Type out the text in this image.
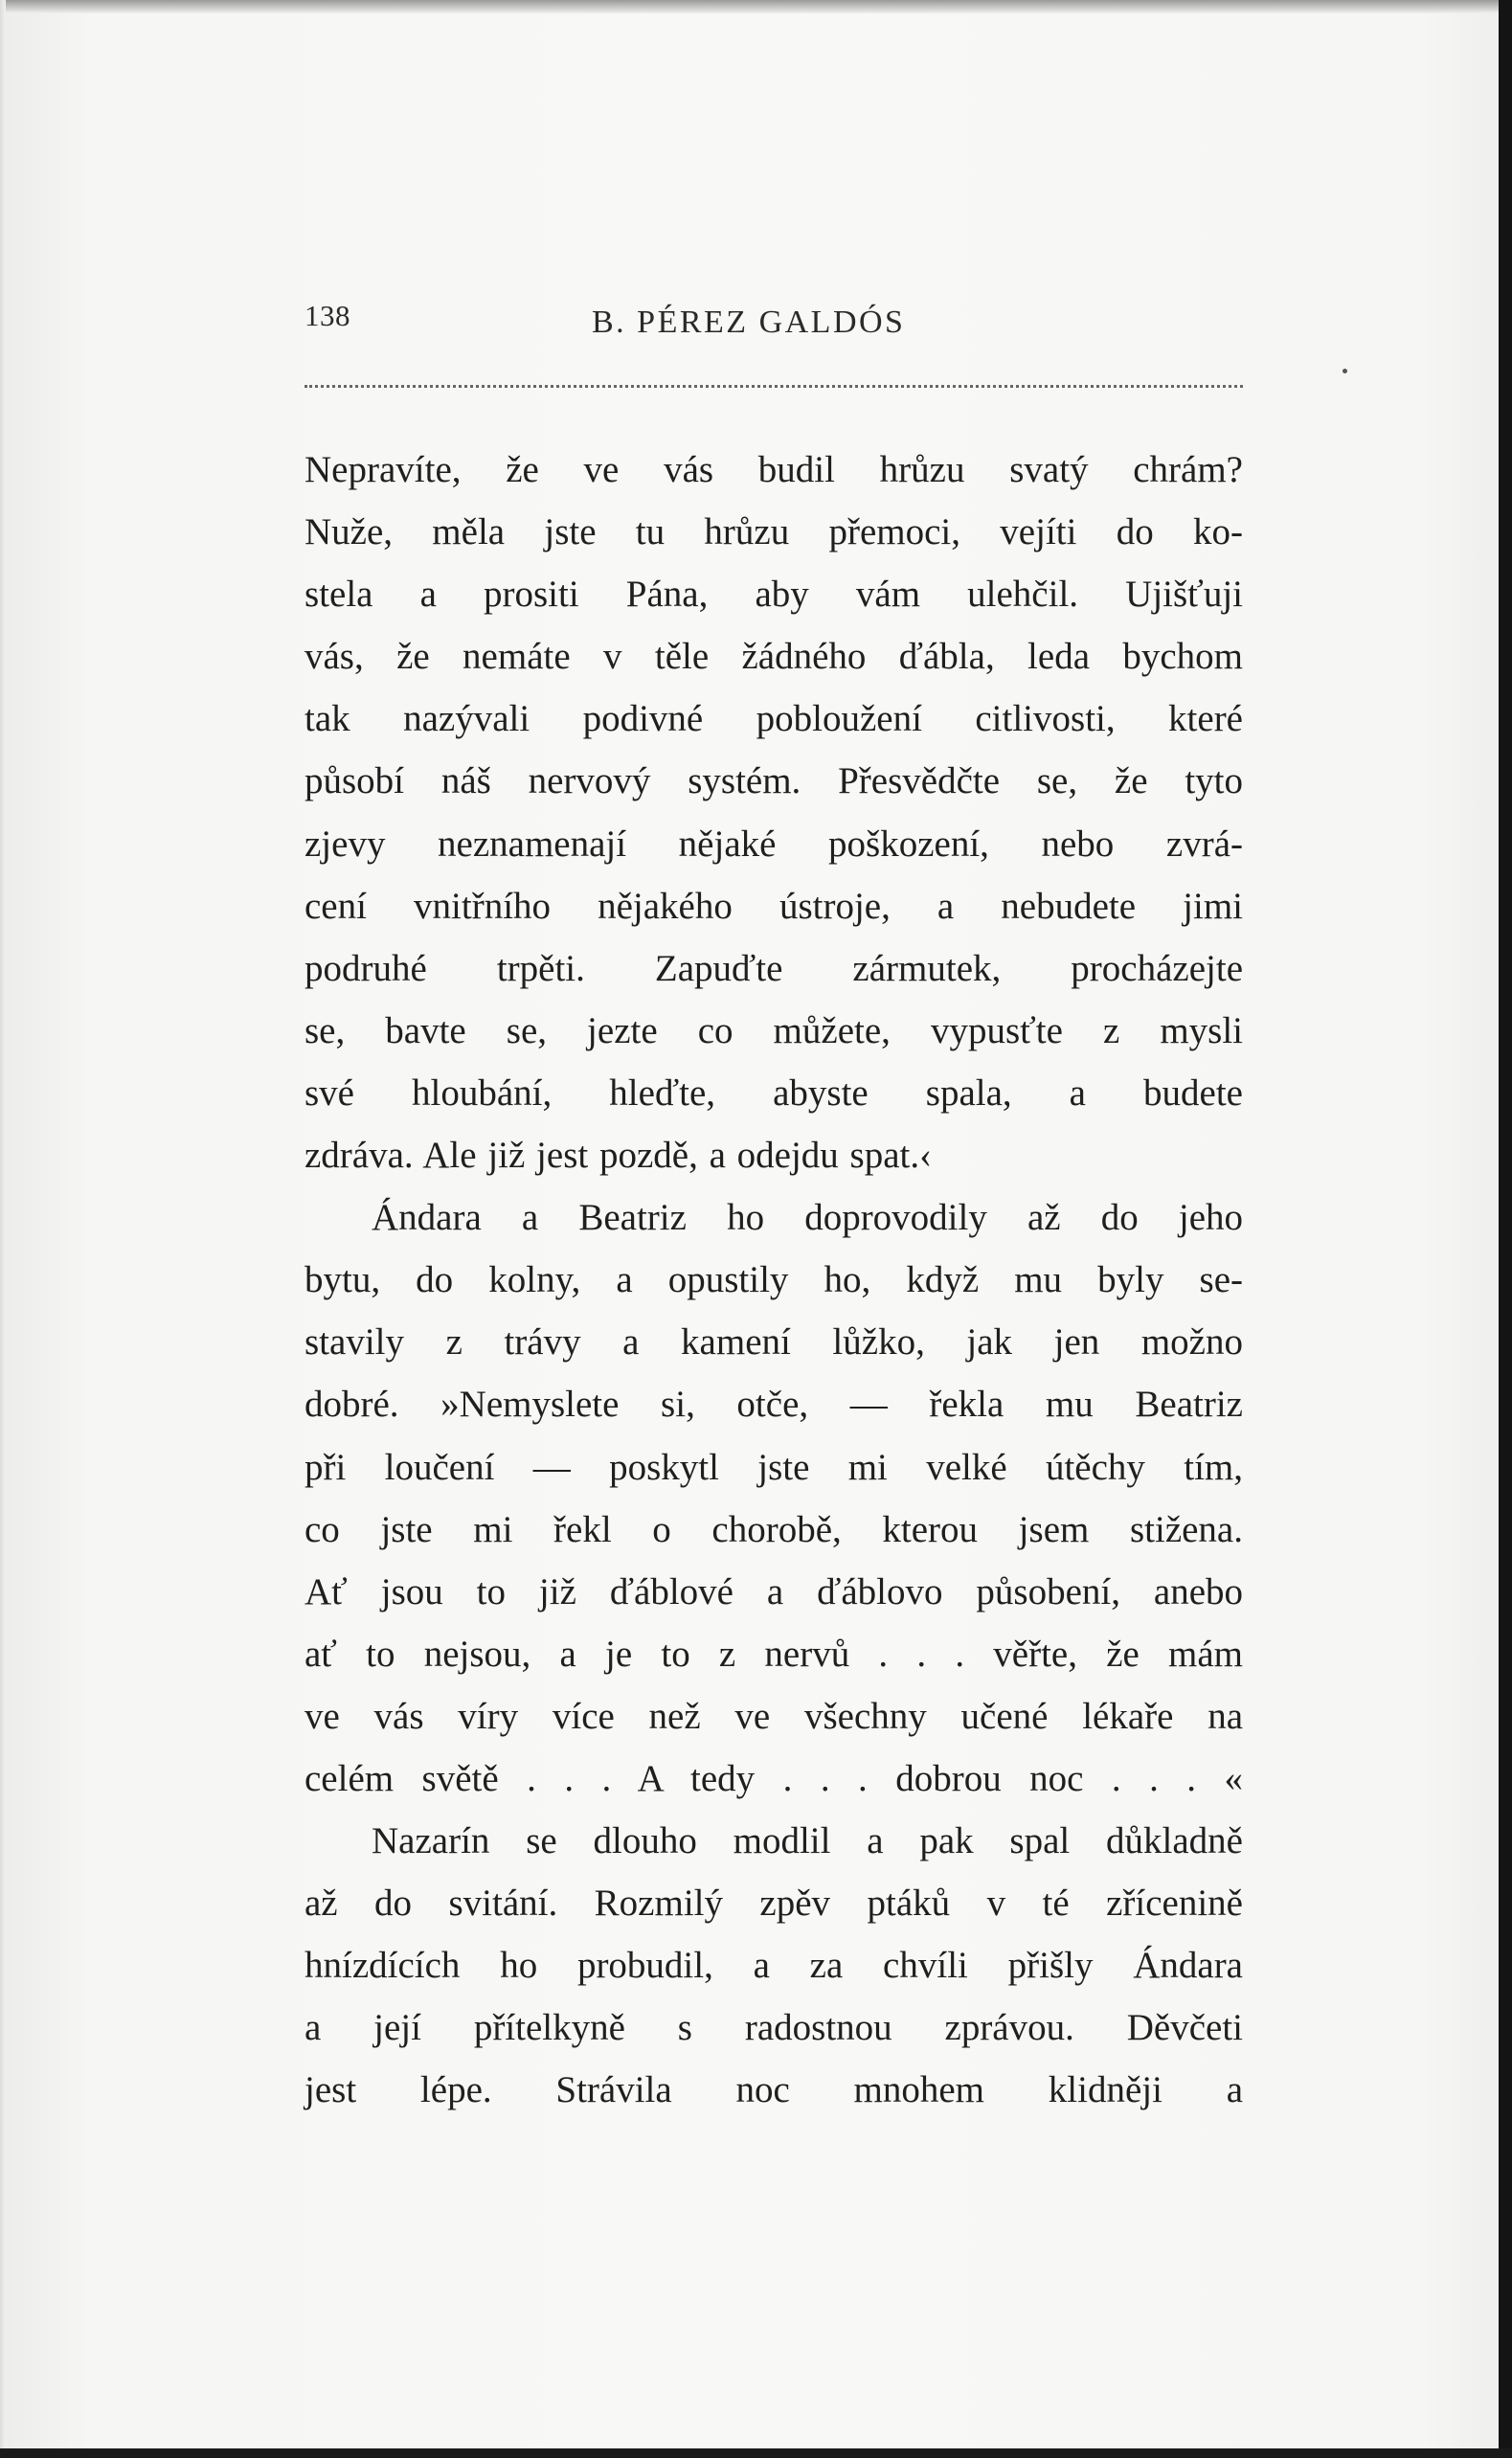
138	B. PÉREZ GALDÓS
Nepravíte, že ve vás budil hrůzu svatý chrám?
Nuže, měla jste tu hrůzu přemoci, vejíti do ko-
stela a prositi Pána, aby vám ulehčil. Ujišťuji
vás, že nemáte v těle žádného ďábla, leda bychom
tak nazývali podivné pobloužení citlivosti, které
působí náš nervový systém. Přesvědčte se, že tyto
zjevy neznamenají nějaké poškození, nebo zvrá-
cení vnitřního nějakého ústroje, a nebudete jimi
podruhé trpěti. Zapuďte zármutek, procházejte
se, bavte se, jezte co můžete, vypusťte z mysli
své hloubání, hleďte, abyste spala, a budete
zdráva. Ale již jest pozdě, a odejdu spat.‹
Ándara a Beatriz ho doprovodily až do jeho
bytu, do kolny, a opustily ho, když mu byly se-
stavily z trávy a kamení lůžko, jak jen možno
dobré. »Nemyslete si, otče, — řekla mu Beatriz
při loučení — poskytl jste mi velké útěchy tím,
co jste mi řekl o chorobě, kterou jsem stižena.
Ať jsou to již ďáblové a ďáblovo působení, anebo
ať to nejsou, a je to z nervů . . . věřte, že mám
ve vás víry více než ve všechny učené lékaře na
celém světě . . . A tedy . . . dobrou noc . . . «
Nazarín se dlouho modlil a pak spal důkladně
až do svitání. Rozmilý zpěv ptáků v té zřícenině
hnízdících ho probudil, a za chvíli přišly Ándara
a její přítelkyně s radostnou zprávou. Děvčeti
jest lépe. Strávila noc mnohem klidněji a
